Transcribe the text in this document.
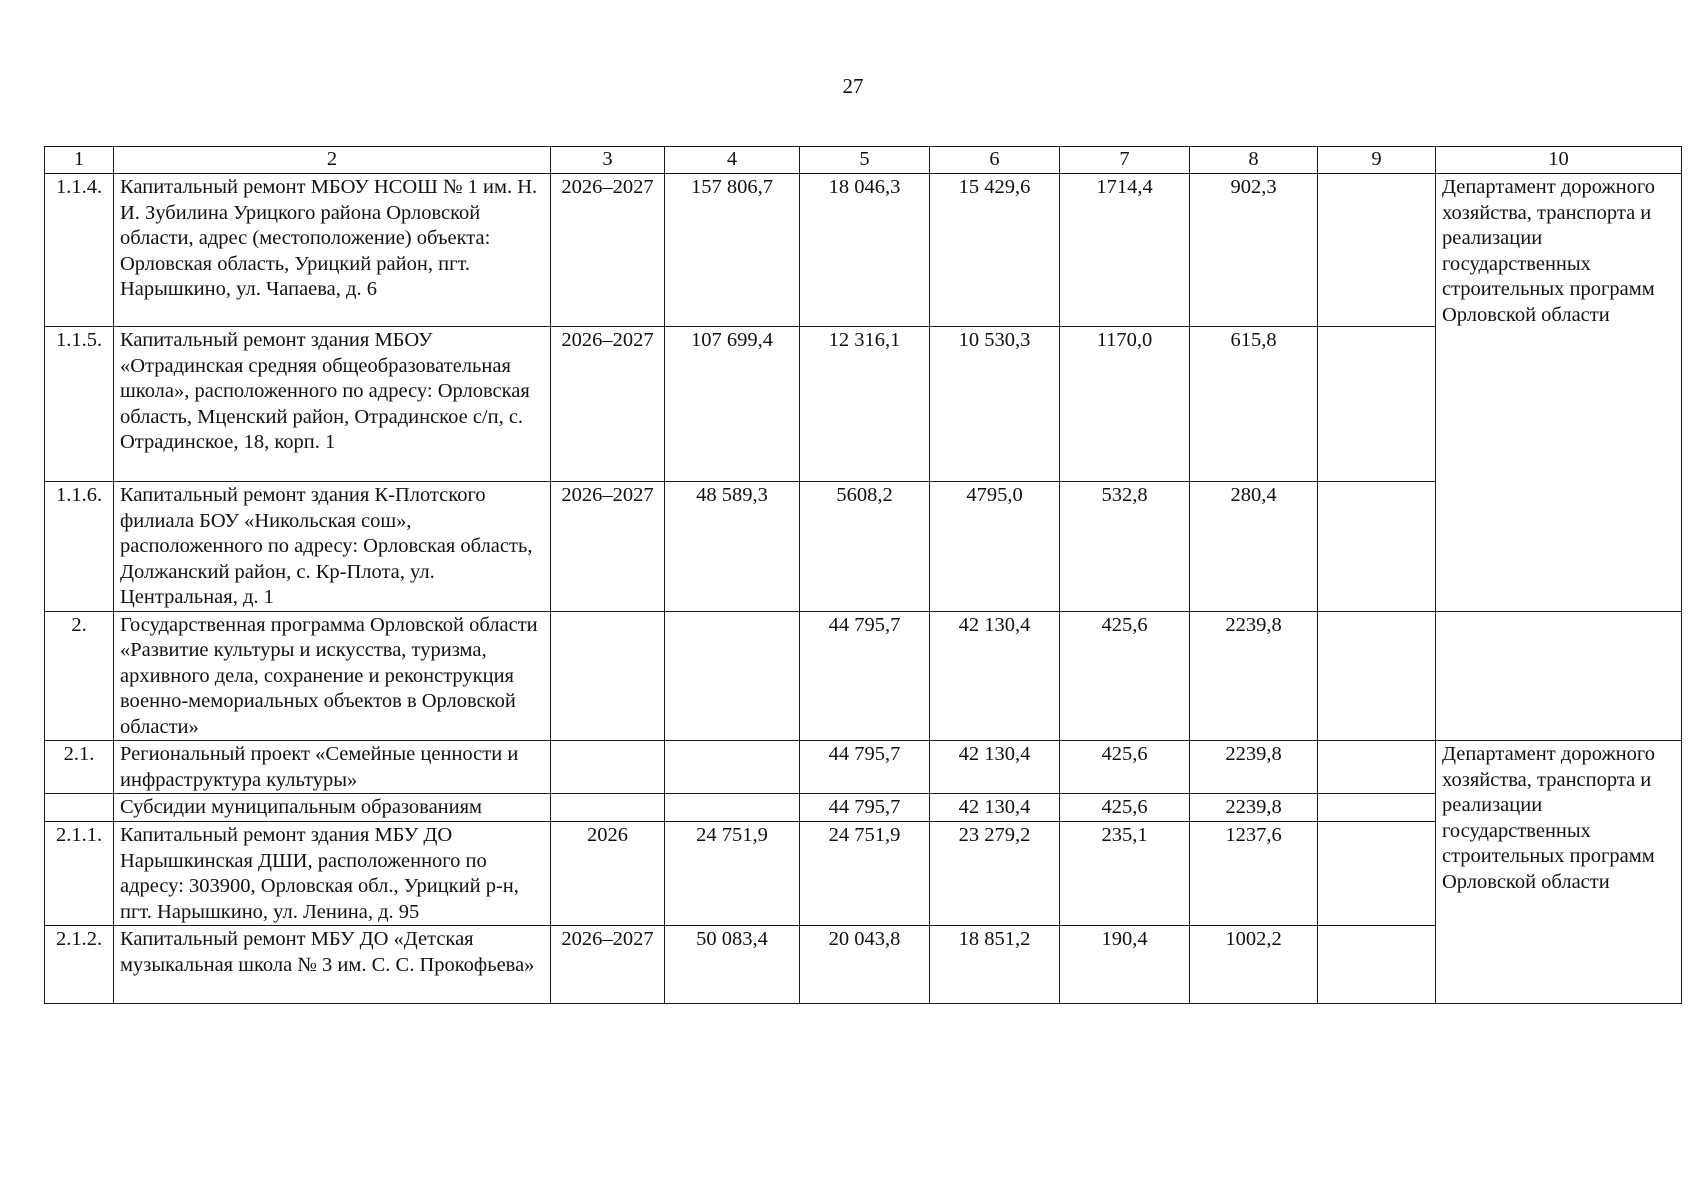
27
1	2	3	4	5	6	7	8	9	10
1.1.4.	Капитальный ремонт МБОУ НСОШ № 1 им. Н. И. Зубилина Урицкого района Орловской области, адрес (местоположение) объекта: Орловская область, Урицкий район, пгт. Нарышкино, ул. Чапаева, д. 6	2026–2027	157 806,7	18 046,3	15 429,6	1714,4	902,3		Департамент дорожного хозяйства, транспорта и реализации государственных строительных программ Орловской области
1.1.5.	Капитальный ремонт здания МБОУ «Отрадинская средняя общеобразовательная школа», расположенного по адресу: Орловская область, Мценский район, Отрадинское с/п, с. Отрадинское, 18, корп. 1	2026–2027	107 699,4	12 316,1	10 530,3	1170,0	615,8		
1.1.6.	Капитальный ремонт здания К-Плотского филиала БОУ «Никольская сош», расположенного по адресу: Орловская область, Должанский район, с. Кр-Плота, ул. Центральная, д. 1	2026–2027	48 589,3	5608,2	4795,0	532,8	280,4		
2.	Государственная программа Орловской области «Развитие культуры и искусства, туризма, архивного дела, сохранение и реконструкция военно-мемориальных объектов в Орловской области»			44 795,7	42 130,4	425,6	2239,8		
2.1.	Региональный проект «Семейные ценности и инфраструктура культуры»			44 795,7	42 130,4	425,6	2239,8		Департамент дорожного хозяйства, транспорта и реализации государственных строительных программ Орловской области
	Субсидии муниципальным образованиям			44 795,7	42 130,4	425,6	2239,8		
2.1.1.	Капитальный ремонт здания МБУ ДО Нарышкинская ДШИ, расположенного по адресу: 303900, Орловская обл., Урицкий р-н, пгт. Нарышкино, ул. Ленина, д. 95	2026	24 751,9	24 751,9	23 279,2	235,1	1237,6		
2.1.2.	Капитальный ремонт МБУ ДО «Детская музыкальная школа № 3 им. С. С. Прокофьева»	2026–2027	50 083,4	20 043,8	18 851,2	190,4	1002,2		
